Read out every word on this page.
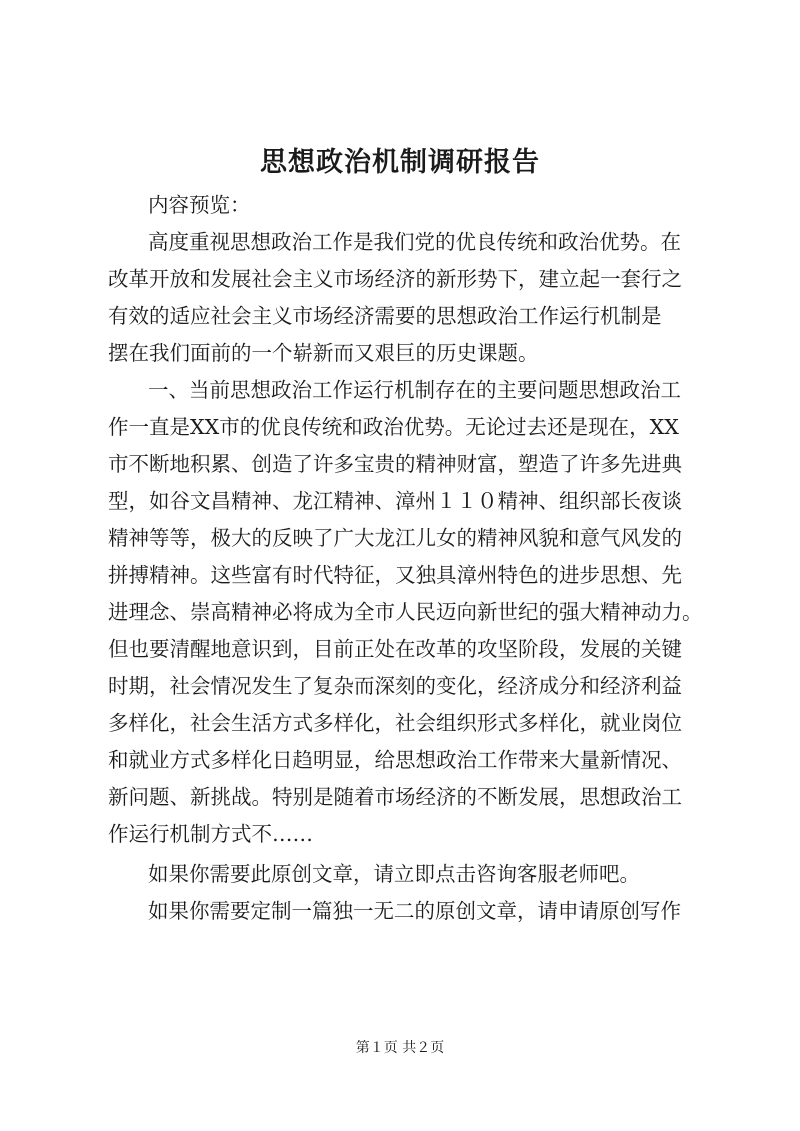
思想政治机制调研报告
内容预览：
高度重视思想政治工作是我们党的优良传统和政治优势。在
改革开放和发展社会主义市场经济的新形势下，建立起一套行之
有效的适应社会主义市场经济需要的思想政治工作运行机制是
摆在我们面前的一个崭新而又艰巨的历史课题。
一、当前思想政治工作运行机制存在的主要问题思想政治工
作一直是XX市的优良传统和政治优势。无论过去还是现在，XX
市不断地积累、创造了许多宝贵的精神财富，塑造了许多先进典
型，如谷文昌精神、龙江精神、漳州１１０精神、组织部长夜谈
精神等等，极大的反映了广大龙江儿女的精神风貌和意气风发的
拼搏精神。这些富有时代特征，又独具漳州特色的进步思想、先
进理念、崇高精神必将成为全市人民迈向新世纪的强大精神动力。
但也要清醒地意识到，目前正处在改革的攻坚阶段，发展的关键
时期，社会情况发生了复杂而深刻的变化，经济成分和经济利益
多样化，社会生活方式多样化，社会组织形式多样化，就业岗位
和就业方式多样化日趋明显，给思想政治工作带来大量新情况、
新问题、新挑战。特别是随着市场经济的不断发展，思想政治工
作运行机制方式不……
如果你需要此原创文章，请立即点击咨询客服老师吧。
如果你需要定制一篇独一无二的原创文章，请申请原创写作
第１页 共２页
